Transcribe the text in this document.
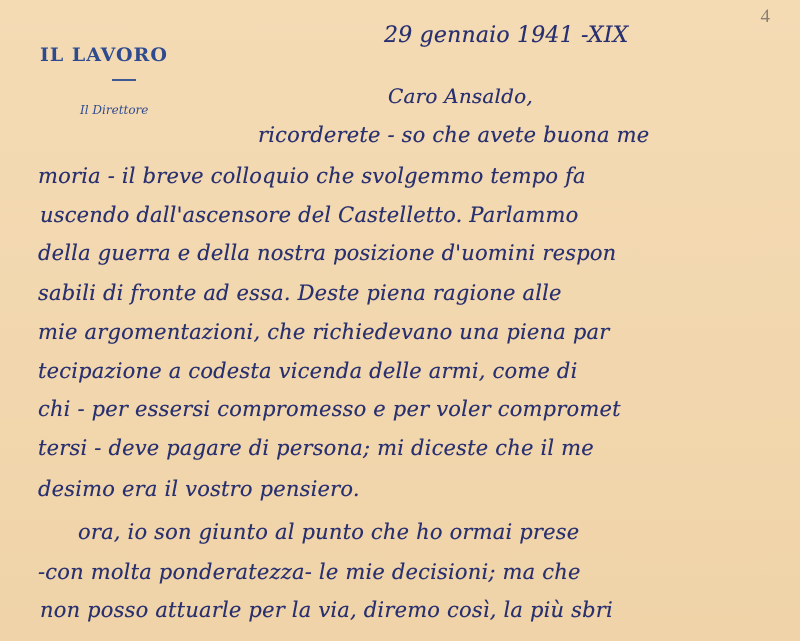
IL LAVORO
Il Direttore
4
29 gennaio 1941 -XIX
Caro Ansaldo,
ricorderete - so che avete buona me
moria - il breve colloquio che svolgemmo tempo fa
uscendo dall'ascensore del Castelletto. Parlammo
della guerra e della nostra posizione d'uomini respon
sabili di fronte ad essa. Deste piena ragione alle
mie argomentazioni, che richiedevano una piena par
tecipazione a codesta vicenda delle armi, come di
chi - per essersi compromesso e per voler compromet
tersi - deve pagare di persona; mi diceste che il me
desimo era il vostro pensiero.
ora, io son giunto al punto che ho ormai prese
-con molta ponderatezza- le mie decisioni; ma che
non posso attuarle per la via, diremo così, la più sbri
